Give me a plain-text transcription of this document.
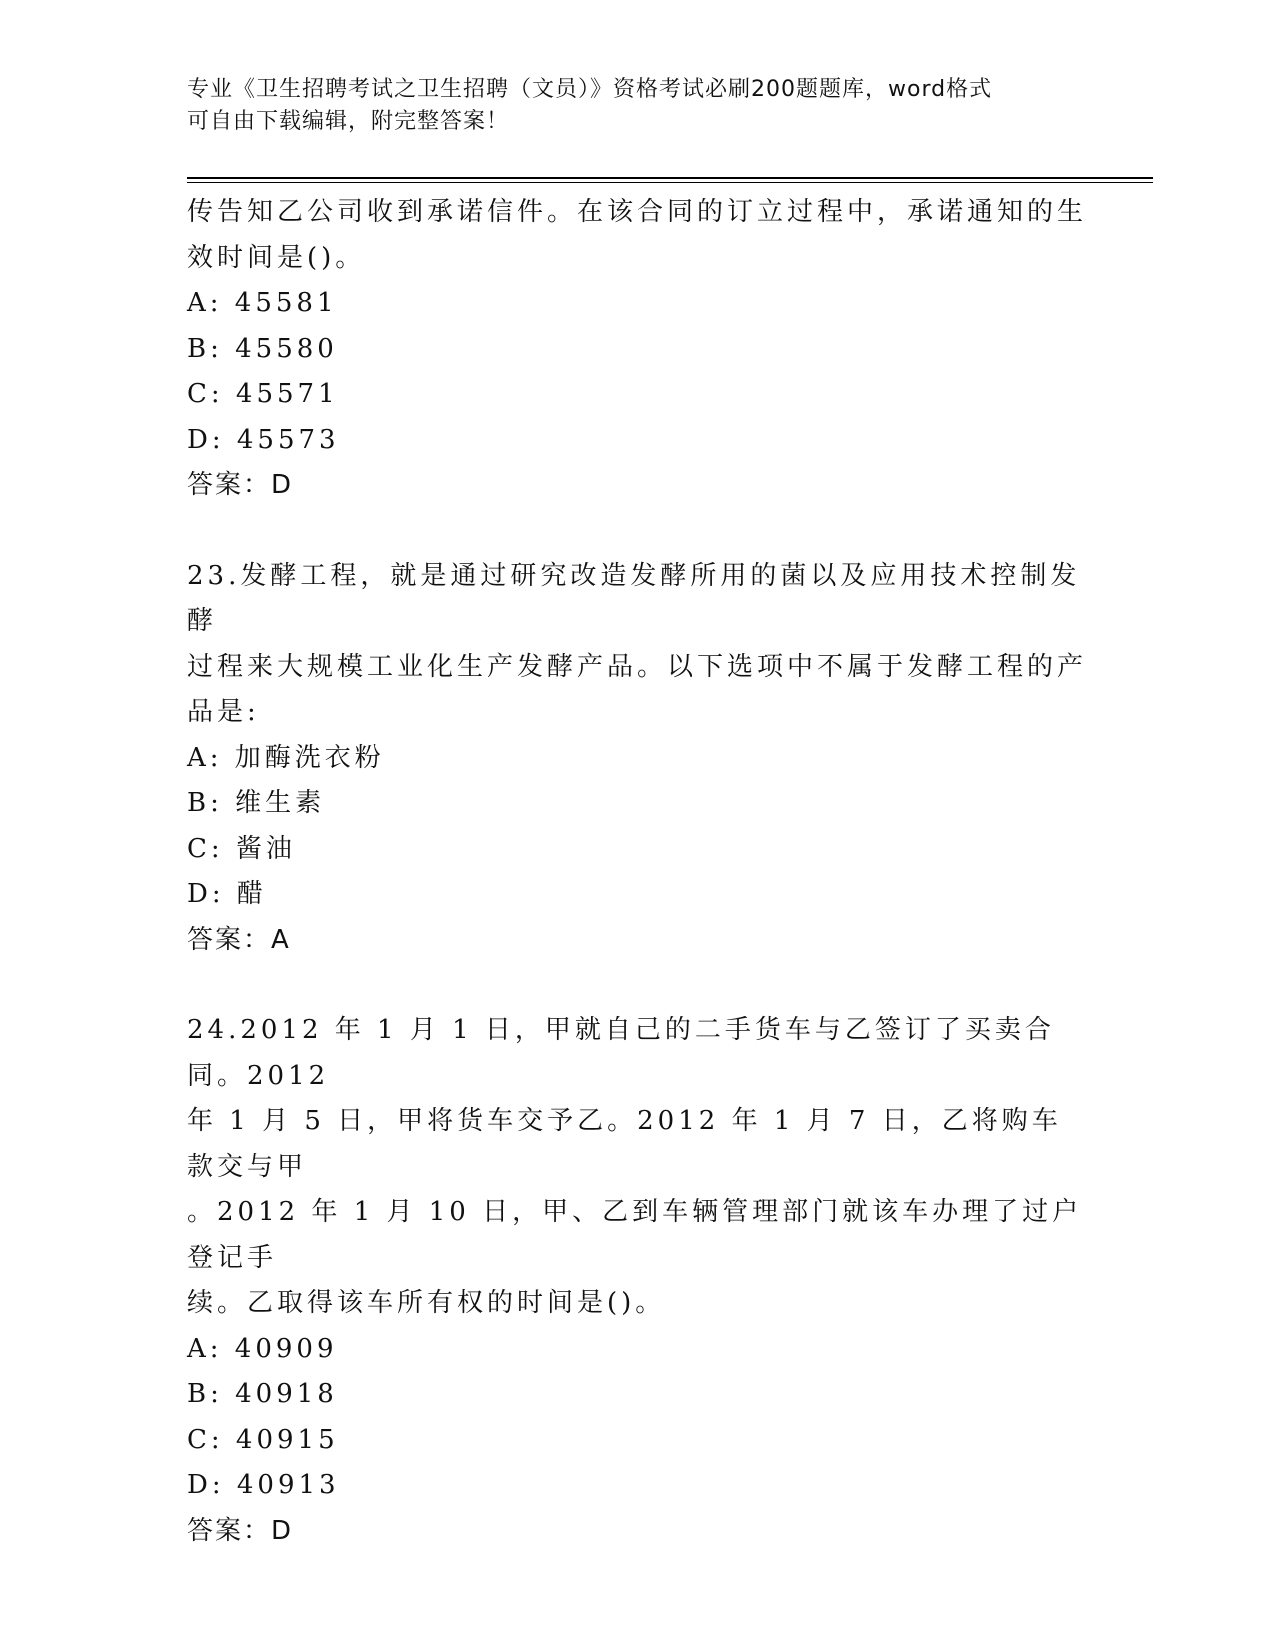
专业《卫生招聘考试之卫生招聘（文员）》资格考试必刷200题题库，word格式
可自由下载编辑，附完整答案！

传告知乙公司收到承诺信件。在该合同的订立过程中，承诺通知的生

效时间是()。

A: 45581

B: 45580

C: 45571

D: 45573

答案：D

23.发酵工程，就是通过研究改造发酵所用的菌以及应用技术控制发酵

过程来大规模工业化生产发酵产品。以下选项中不属于发酵工程的产

品是:

A: 加酶洗衣粉

B: 维生素

C: 酱油

D: 醋

答案：A

24.2012 年 1 月 1 日，甲就自己的二手货车与乙签订了买卖合同。2012

年 1 月 5 日，甲将货车交予乙。2012 年 1 月 7 日，乙将购车款交与甲

。2012 年 1 月 10 日，甲、乙到车辆管理部门就该车办理了过户登记手

续。乙取得该车所有权的时间是()。

A: 40909

B: 40918

C: 40915

D: 40913

答案：D
